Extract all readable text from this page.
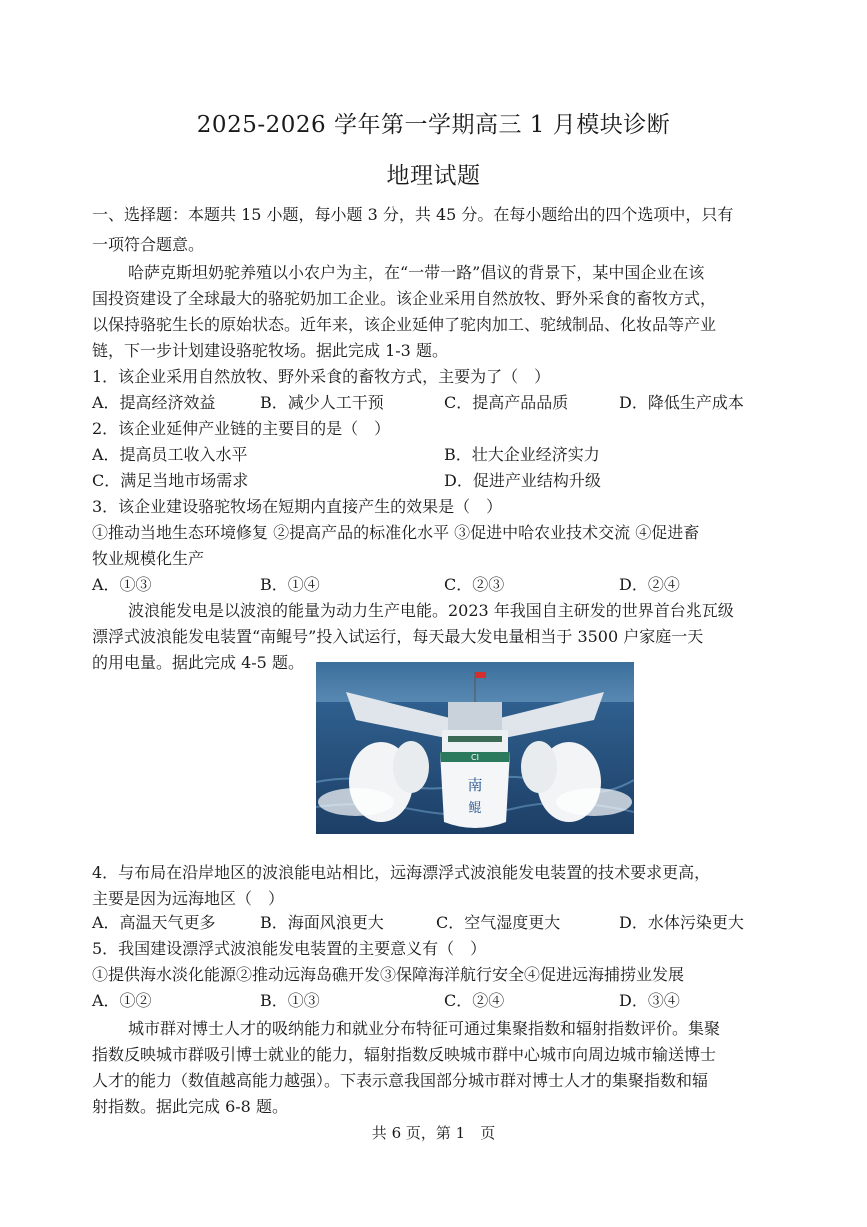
2025-2026 学年第一学期高三 1 月模块诊断
地理试题
一、选择题：本题共 15 小题，每小题 3 分，共 45 分。在每小题给出的四个选项中，只有
一项符合题意。
哈萨克斯坦奶驼养殖以小农户为主，在“一带一路”倡议的背景下，某中国企业在该
国投资建设了全球最大的骆驼奶加工企业。该企业采用自然放牧、野外采食的畜牧方式，
以保持骆驼生长的原始状态。近年来，该企业延伸了驼肉加工、驼绒制品、化妆品等产业
链，下一步计划建设骆驼牧场。据此完成 1-3 题。
1．该企业采用自然放牧、野外采食的畜牧方式，主要为了（　）
A．提高经济效益	B．减少人工干预	C．提高产品品质	D．降低生产成本
2．该企业延伸产业链的主要目的是（　）
A．提高员工收入水平	B．壮大企业经济实力
C．满足当地市场需求	D．促进产业结构升级
3．该企业建设骆驼牧场在短期内直接产生的效果是（　）
①推动当地生态环境修复 ②提高产品的标准化水平 ③促进中哈农业技术交流 ④促进畜
牧业规模化生产
A．①③	B．①④	C．②③	D．②④
波浪能发电是以波浪的能量为动力生产电能。2023 年我国自主研发的世界首台兆瓦级
漂浮式波浪能发电装置“南鲲号”投入试运行，每天最大发电量相当于 3500 户家庭一天
的用电量。据此完成 4-5 题。
CI
南
鲲
4．与布局在沿岸地区的波浪能电站相比，远海漂浮式波浪能发电装置的技术要求更高，
主要是因为远海地区（　）
A．高温天气更多	B．海面风浪更大	C．空气湿度更大	D．水体污染更大
5．我国建设漂浮式波浪能发电装置的主要意义有（　）
①提供海水淡化能源②推动远海岛礁开发③保障海洋航行安全④促进远海捕捞业发展
A．①②	B．①③	C．②④	D．③④
城市群对博士人才的吸纳能力和就业分布特征可通过集聚指数和辐射指数评价。集聚
指数反映城市群吸引博士就业的能力，辐射指数反映城市群中心城市向周边城市输送博士
人才的能力（数值越高能力越强）。下表示意我国部分城市群对博士人才的集聚指数和辐
射指数。据此完成 6-8 题。
共 6 页，第 1　页
